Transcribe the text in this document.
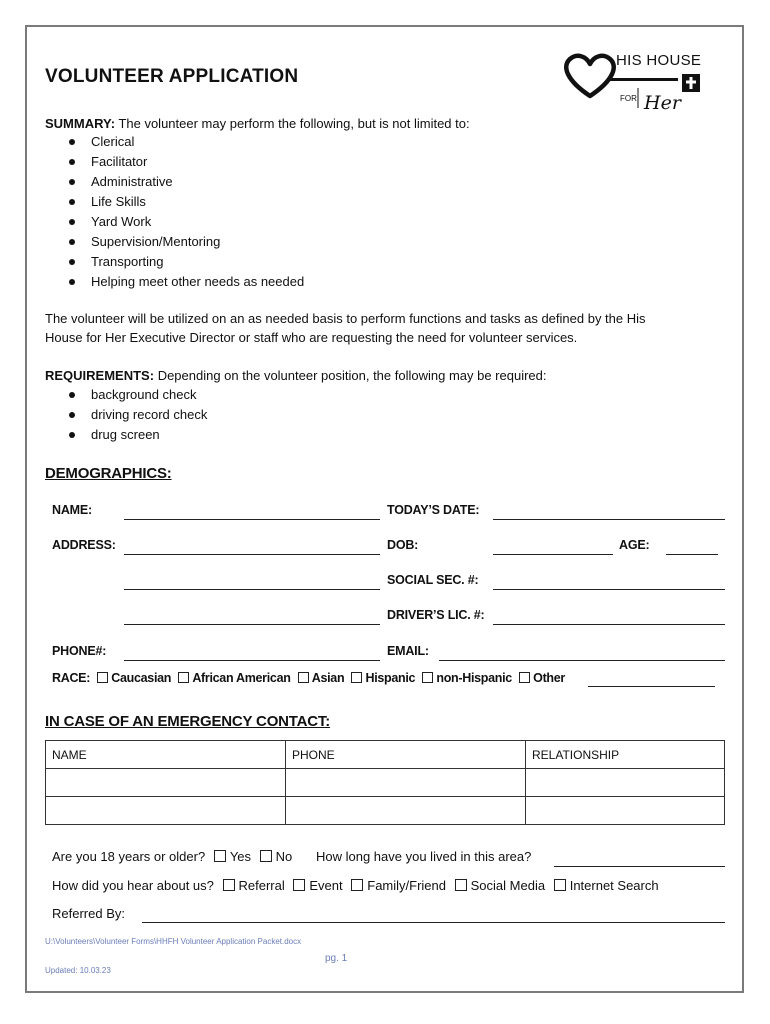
HIS HOUSE
FOR Her
VOLUNTEER APPLICATION
SUMMARY: The volunteer may perform the following, but is not limited to:
Clerical
Facilitator
Administrative
Life Skills
Yard Work
Supervision/Mentoring
Transporting
Helping meet other needs as needed
The volunteer will be utilized on an as needed basis to perform functions and tasks as defined by the His
House for Her Executive Director or staff who are requesting the need for volunteer services.
REQUIREMENTS: Depending on the volunteer position, the following may be required:
background check
driving record check
drug screen
DEMOGRAPHICS:
NAME:	TODAY’S DATE:
ADDRESS:	DOB:	AGE:
SOCIAL SEC. #:
DRIVER’S LIC. #:
PHONE#:	EMAIL:
RACE: Caucasian African American Asian Hispanic non-Hispanic Other
IN CASE OF AN EMERGENCY CONTACT:
NAME	PHONE	RELATIONSHIP

Are you 18 years or older? Yes No How long have you lived in this area?
How did you hear about us? Referral Event Family/Friend Social Media Internet Search
Referred By:
U:\Volunteers\Volunteer Forms\HHFH Volunteer Application Packet.docx
pg. 1
Updated: 10.03.23
